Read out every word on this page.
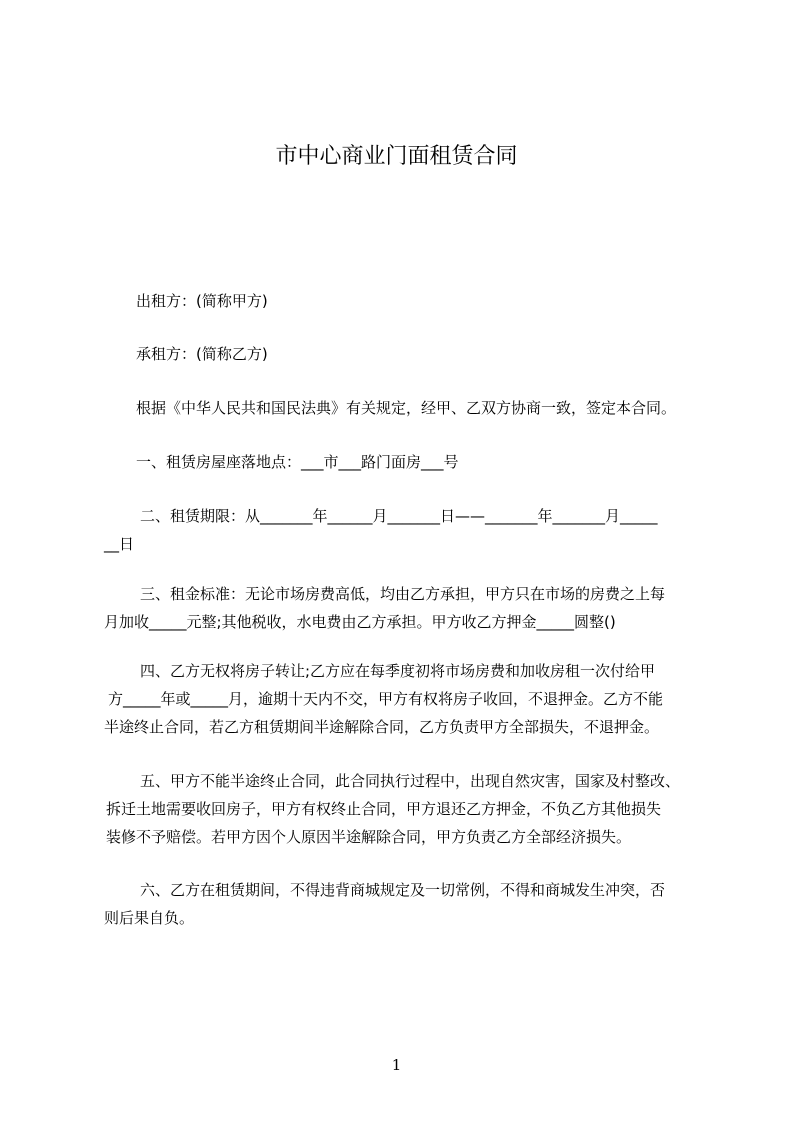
市中心商业门面租赁合同
出租方：(简称甲方)
承租方：(简称乙方)
根据《中华人民共和国民法典》有关规定，经甲、乙双方协商一致，签定本合同。
一、租赁房屋座落地点：___市___路门面房___号
二、租赁期限：从_______年______月_______日——_______年_______月_____
__日
三、租金标准：无论市场房费高低，均由乙方承担，甲方只在市场的房费之上每
月加收_____元整;其他税收，水电费由乙方承担。甲方收乙方押金_____圆整()
四、乙方无权将房子转让;乙方应在每季度初将市场房费和加收房租一次付给甲
方_____年或_____月，逾期十天内不交，甲方有权将房子收回，不退押金。乙方不能
半途终止合同，若乙方租赁期间半途解除合同，乙方负责甲方全部损失，不退押金。
五、甲方不能半途终止合同，此合同执行过程中，出现自然灾害，国家及村整改、
拆迁土地需要收回房子，甲方有权终止合同，甲方退还乙方押金，不负乙方其他损失
装修不予赔偿。若甲方因个人原因半途解除合同，甲方负责乙方全部经济损失。
六、乙方在租赁期间，不得违背商城规定及一切常例，不得和商城发生冲突，否
则后果自负。
1
